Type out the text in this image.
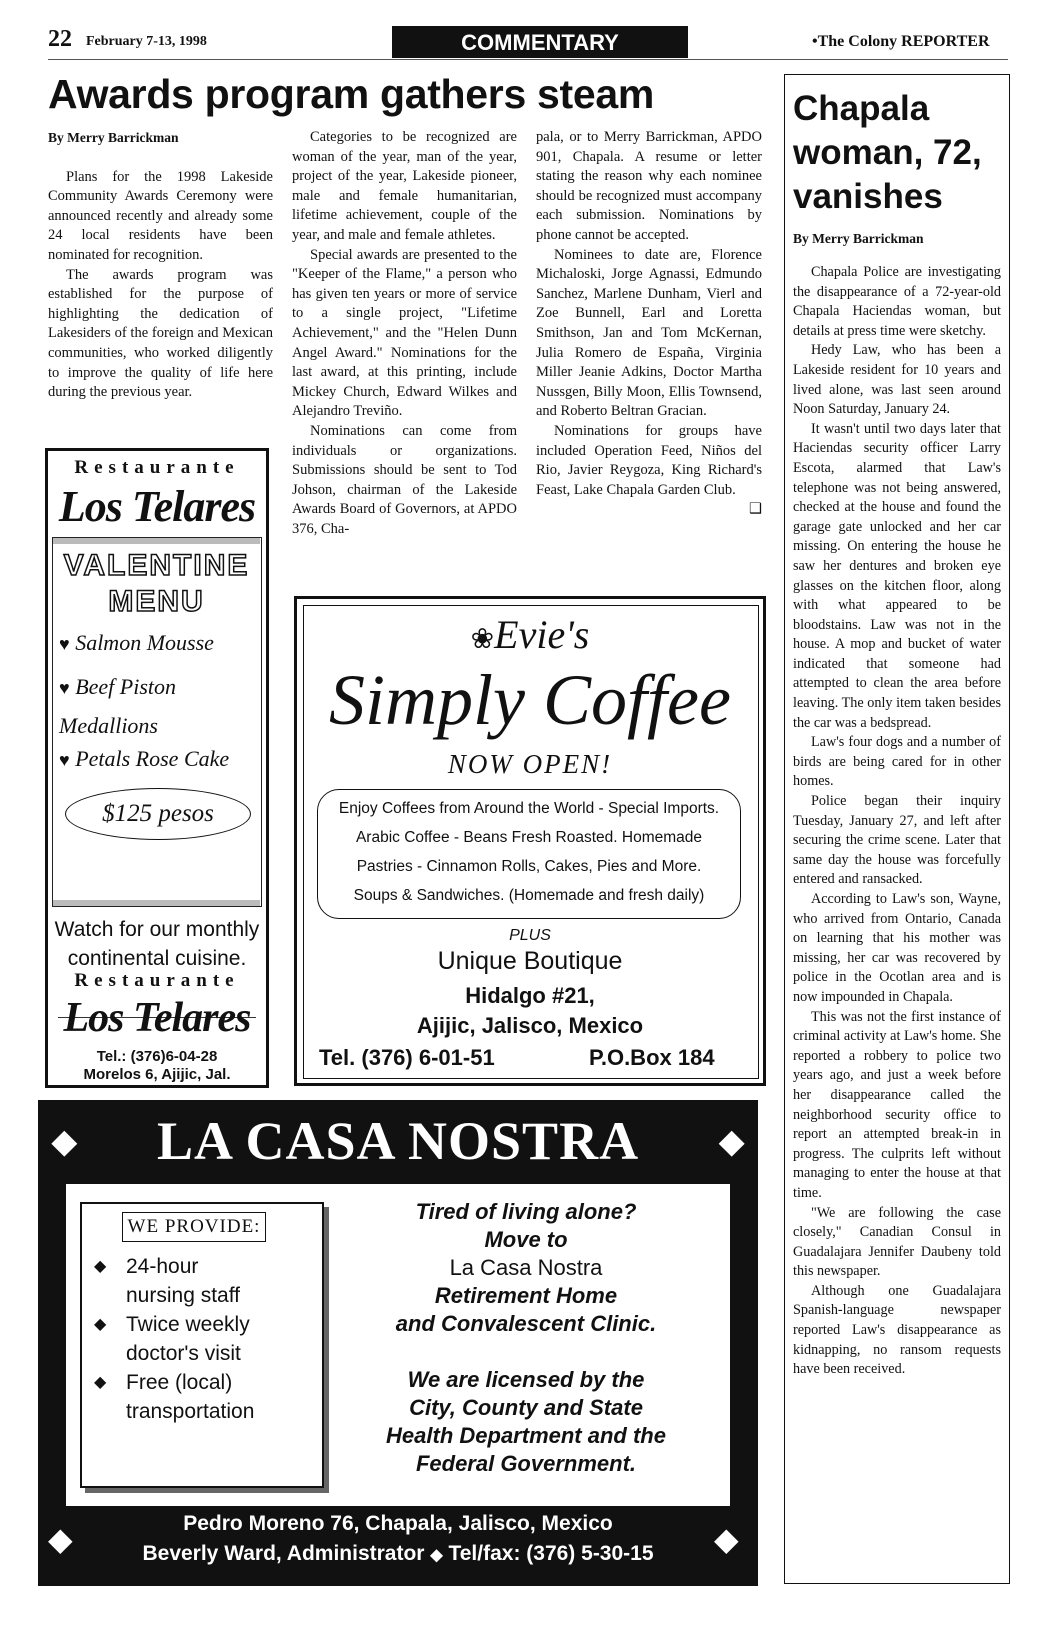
22 February 7-13, 1998	COMMENTARY	•The Colony REPORTER
Awards program gathers steam
By Merry Barrickman

Plans for the 1998 Lakeside Community Awards Ceremony were announced recently and already some 24 local residents have been nominated for recognition.

The awards program was established for the purpose of highlighting the dedication of Lakesiders of the foreign and Mexican communities, who worked diligently to improve the quality of life here during the previous year.

Categories to be recognized are woman of the year, man of the year, project of the year, Lakeside pioneer, male and female humanitarian, lifetime achievement, couple of the year, and male and female athletes.

Special awards are presented to the "Keeper of the Flame," a person who has given ten years or more of service to a single project, "Lifetime Achievement," and the "Helen Dunn Angel Award." Nominations for the last award, at this printing, include Mickey Church, Edward Wilkes and Alejandro Treviño.

Nominations can come from individuals or organizations. Submissions should be sent to Tod Johson, chairman of the Lakeside Awards Board of Governors, at APDO 376, Cha-

pala, or to Merry Barrickman, APDO 901, Chapala. A resume or letter stating the reason why each nominee should be recognized must accompany each submission. Nominations by phone cannot be accepted.

Nominees to date are, Florence Michaloski, Jorge Agnassi, Edmundo Sanchez, Marlene Dunham, Vierl and Zoe Bunnell, Earl and Loretta Smithson, Jan and Tom McKernan, Julia Romero de España, Virginia Miller Jeanie Adkins, Doctor Martha Nussgen, Billy Moon, Ellis Townsend, and Roberto Beltran Gracian.

Nominations for groups have included Operation Feed, Niños del Rio, Javier Reygoza, King Richard's Feast, Lake Chapala Garden Club.
❑

Chapala
woman, 72,
vanishes
By Merry Barrickman

Chapala Police are investigating the disappearance of a 72-year-old Chapala Haciendas woman, but details at press time were sketchy.

Hedy Law, who has been a Lakeside resident for 10 years and lived alone, was last seen around Noon Saturday, January 24.

It wasn't until two days later that Haciendas security officer Larry Escota, alarmed that Law's telephone was not being answered, checked at the house and found the garage gate unlocked and her car missing. On entering the house he saw her dentures and broken eye glasses on the kitchen floor, along with what appeared to be bloodstains. Law was not in the house. A mop and bucket of water indicated that someone had attempted to clean the area before leaving. The only item taken besides the car was a bedspread.

Law's four dogs and a number of birds are being cared for in other homes.

Police began their inquiry Tuesday, January 27, and left after securing the crime scene. Later that same day the house was forcefully entered and ransacked.

According to Law's son, Wayne, who arrived from Ontario, Canada on learning that his mother was missing, her car was recovered by police in the Ocotlan area and is now impounded in Chapala.

This was not the first instance of criminal activity at Law's home. She reported a robbery to police two years ago, and just a week before her disappearance called the neighborhood security office to report an attempted break-in in progress. The culprits left without managing to enter the house at that time.

"We are following the case closely," Canadian Consul in Guadalajara Jennifer Daubeny told this newspaper.

Although one Guadalajara Spanish-language newspaper reported Law's disappearance as kidnapping, no ransom requests have been received.

Restaurante
Los Telares
VALENTINE
MENU
♥ Salmon Mousse
♥ Beef Piston Medallions
♥ Petals Rose Cake
$125 pesos
Watch for our monthly continental cuisine.
Restaurante
Los Telares
Tel.: (376)6-04-28
Morelos 6, Ajijic, Jal.
❀Evie's
Simply Coffee
NOW OPEN!
Enjoy Coffees from Around the World - Special Imports.
Arabic Coffee - Beans Fresh Roasted. Homemade
Pastries - Cinnamon Rolls, Cakes, Pies and More.
Soups & Sandwiches. (Homemade and fresh daily)
PLUS
Unique Boutique
Hidalgo #21,
Ajijic, Jalisco, Mexico
Tel. (376) 6-01-51	P.O.Box 184
◆ LA CASA NOSTRA	◆
WE PROVIDE:
◆ 24-hour nursing staff
◆ Twice weekly doctor's visit
◆ Free (local) transportation
Tired of living alone?
Move to
La Casa Nostra
Retirement Home
and Convalescent Clinic.
We are licensed by the
City, County and State
Health Department and the
Federal Government.
◆	◆
Pedro Moreno 76, Chapala, Jalisco, Mexico
Beverly Ward, Administrator ◆ Tel/fax: (376) 5-30-15
